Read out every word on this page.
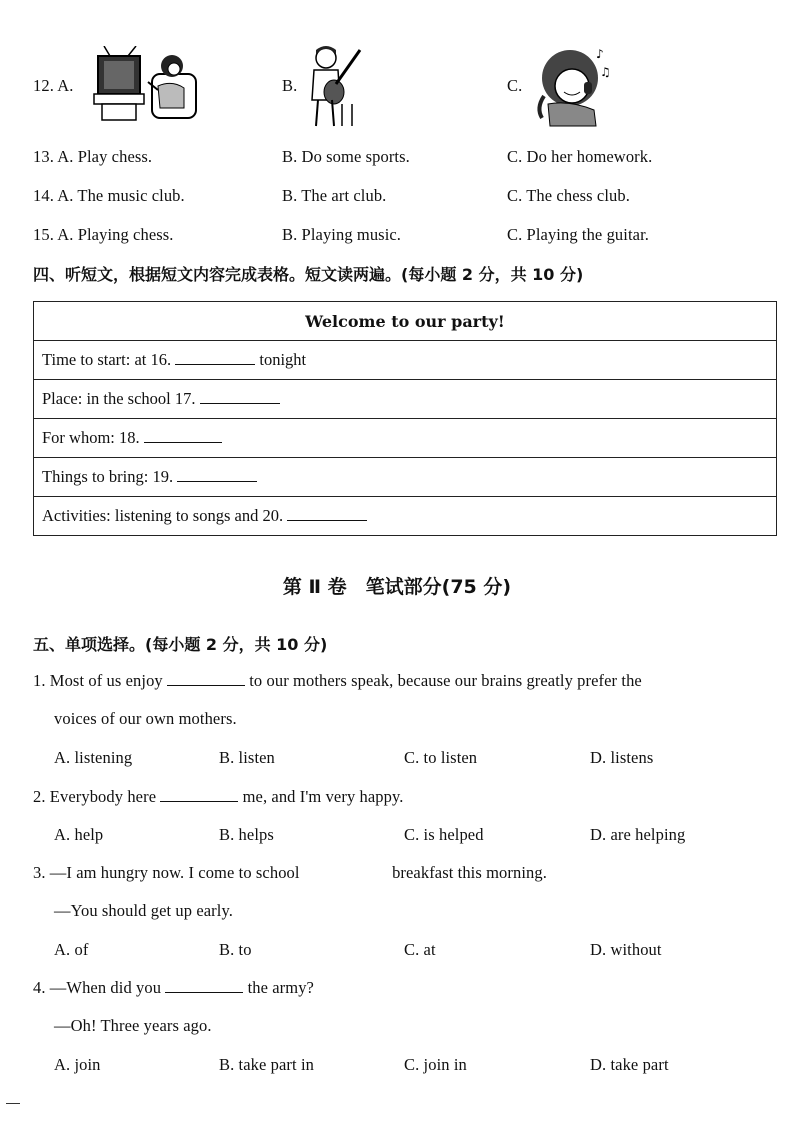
12. A.	B.	C.
♪
♫
13. A. Play chess.	B. Do some sports.	C. Do her homework.
14. A. The music club.	B. The art club.	C. The chess club.
15. A. Playing chess.	B. Playing music.	C. Playing the guitar.
四、听短文，根据短文内容完成表格。短文读两遍。(每小题 2 分，共 10 分)
Welcome to our party!
Time to start: at 16.	tonight
Place: in the school 17.
For whom: 18.
Things to bring: 19.
Activities: listening to songs and 20.
第 Ⅱ 卷　笔试部分(75 分)
五、单项选择。(每小题 2 分，共 10 分)
1. Most of us enjoy	to our mothers speak, because our brains greatly prefer the
voices of our own mothers.
A. listening	B. listen	C. to listen	D. listens
2. Everybody here	me, and I'm very happy.
A. help	B. helps	C. is helped	D. are helping
3. —I am hungry now. I come to school	breakfast this morning.
—You should get up early.
A. of	B. to	C. at	D. without
4. —When did you	the army?
—Oh! Three years ago.
A. join	B. take part in	C. join in	D. take part
